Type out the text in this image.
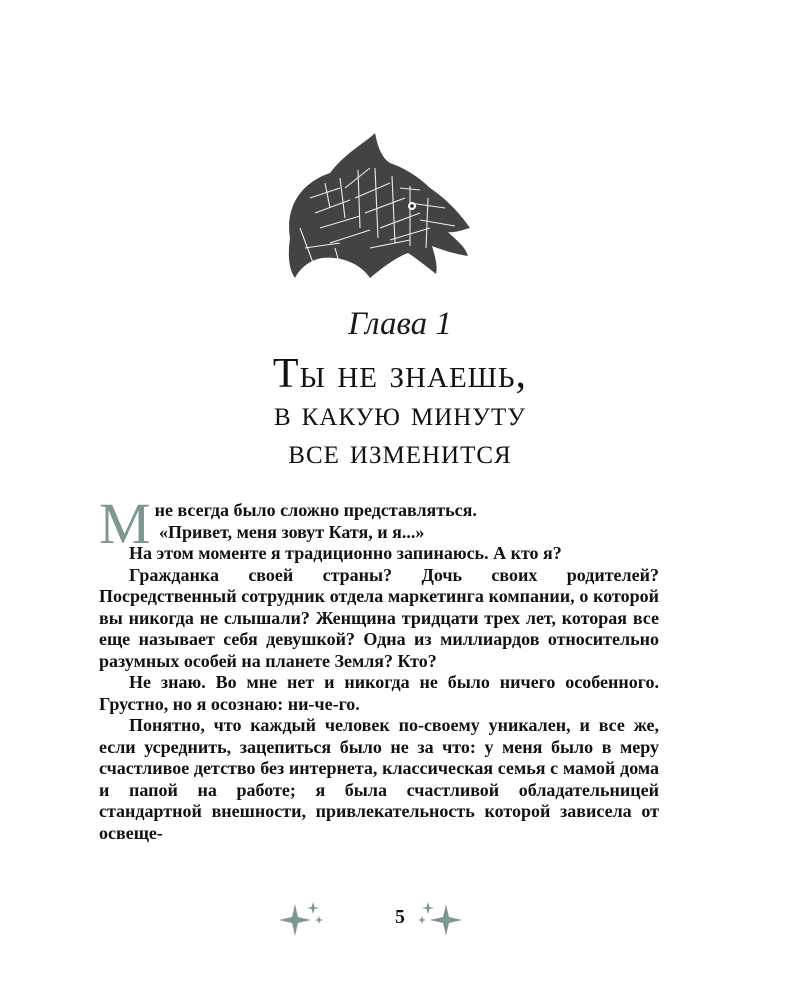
Глава 1
Ты не знаешь,
в какую минуту
все изменится

М не всегда было сложно представляться.
«Привет, меня зовут Катя, и я...»

На этом моменте я традиционно запинаюсь. А кто я?

Гражданка своей страны? Дочь своих родителей? Посредственный сотрудник отдела маркетинга компании, о которой вы никогда не слышали? Женщина тридцати трех лет, которая все еще называет себя девушкой? Одна из миллиардов относительно разумных особей на планете Земля? Кто?

Не знаю. Во мне нет и никогда не было ничего особенного. Грустно, но я осознаю: ни-че-го.

Понятно, что каждый человек по-своему уникален, и все же, если усреднить, зацепиться было не за что: у меня было в меру счастливое детство без интернета, классическая семья с мамой дома и папой на работе; я была счастливой обладательницей стандартной внешности, привлекательность которой зависела от освеще-

5
